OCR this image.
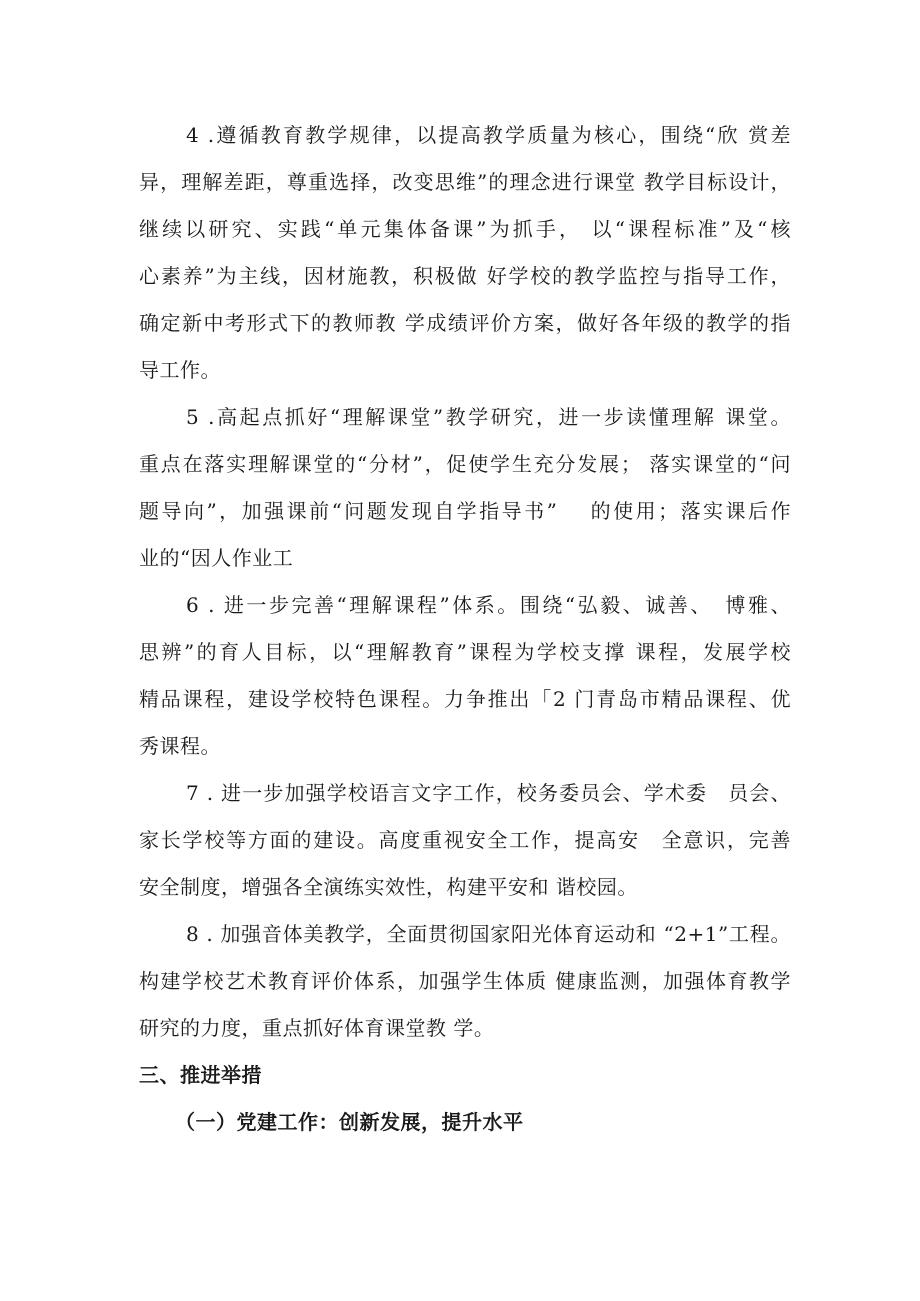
4 .遵循教育教学规律，以提高教学质量为核心，围绕“欣 赏差
异，理解差距，尊重选择，改变思维”的理念进行课堂 教学目标设计，
继续以研究、实践“单元集体备课”为抓手， 以“课程标准”及“核
心素养”为主线，因材施教，积极做 好学校的教学监控与指导工作，
确定新中考形式下的教师教 学成绩评价方案，做好各年级的教学的指
导工作。
5 .高起点抓好“理解课堂”教学研究，进一步读懂理解 课堂。
重点在落实理解课堂的“分材”，促使学生充分发展； 落实课堂的“问
题导向”，加强课前“问题发现自学指导书”　 的使用；落实课后作
业的“因人作业工
6 . 进一步完善“理解课程”体系。围绕“弘毅、诚善、　博雅、
思辨”的育人目标，以“理解教育”课程为学校支撑 课程，发展学校
精品课程，建设学校特色课程。力争推出「2 门青岛市精品课程、优
秀课程。
7 . 进一步加强学校语言文字工作，校务委员会、学术委　员会、
家长学校等方面的建设。高度重视安全工作，提高安　全意识，完善
安全制度，增强各全演练实效性，构建平安和 谐校园。
8 . 加强音体美教学，全面贯彻国家阳光体育运动和 “2+1”工程。
构建学校艺术教育评价体系，加强学生体质 健康监测，加强体育教学
研究的力度，重点抓好体育课堂教 学。
三、推进举措
（一）党建工作：创新发展，提升水平
